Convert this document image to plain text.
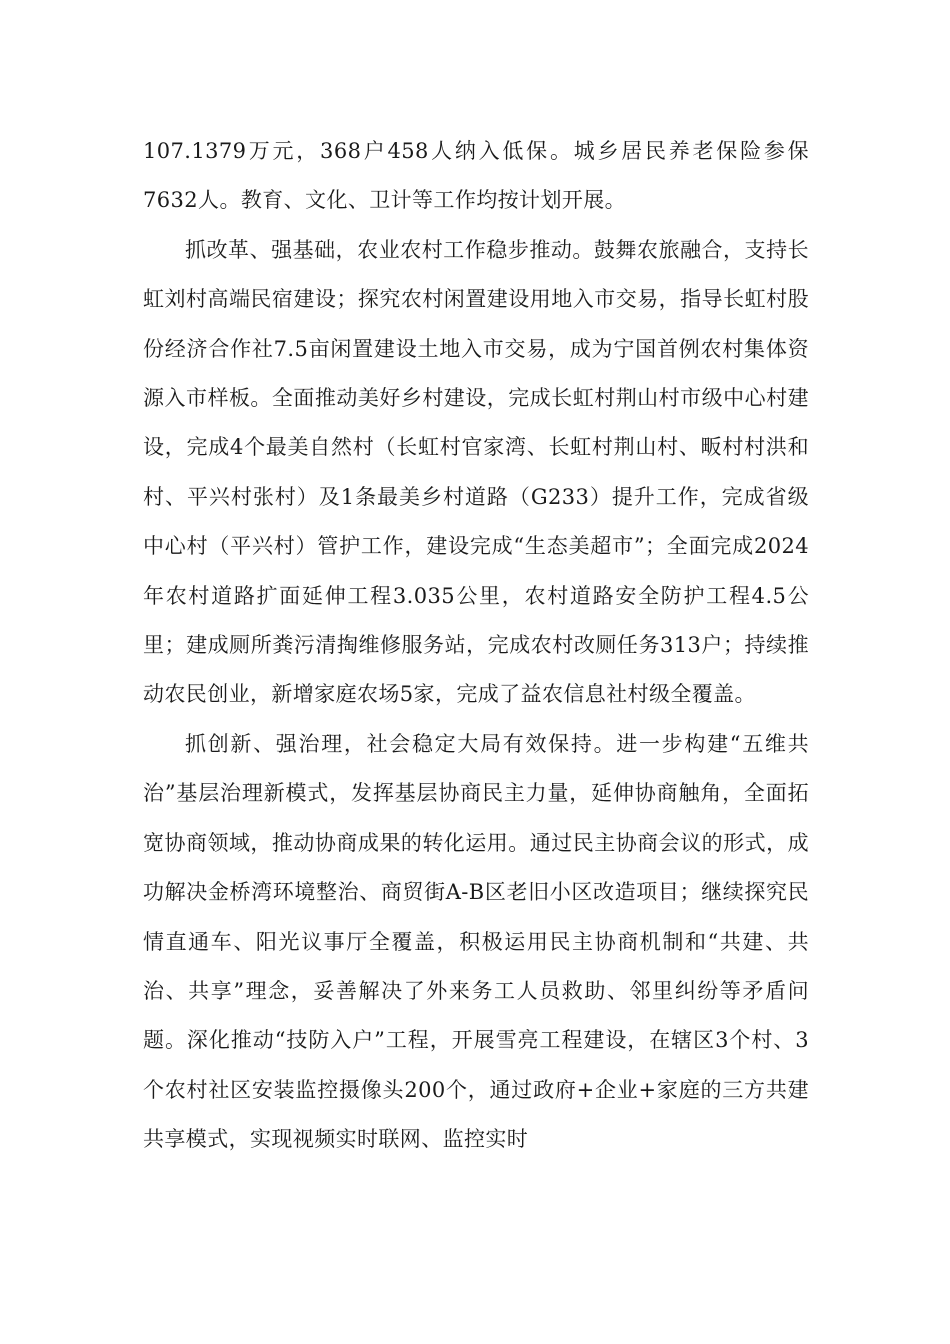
107.1379万元，368户458人纳入低保。城乡居民养老保险参保7632人。教育、文化、卫计等工作均按计划开展。

抓改革、强基础，农业农村工作稳步推动。鼓舞农旅融合，支持长虹刘村高端民宿建设；探究农村闲置建设用地入市交易，指导长虹村股份经济合作社7.5亩闲置建设土地入市交易，成为宁国首例农村集体资源入市样板。全面推动美好乡村建设，完成长虹村荆山村市级中心村建设，完成4个最美自然村（长虹村官家湾、长虹村荆山村、畈村村洪和村、平兴村张村）及1条最美乡村道路（G233）提升工作，完成省级中心村（平兴村）管护工作，建设完成“生态美超市”；全面完成2024年农村道路扩面延伸工程3.035公里，农村道路安全防护工程4.5公里；建成厕所粪污清掏维修服务站，完成农村改厕任务313户；持续推动农民创业，新增家庭农场5家，完成了益农信息社村级全覆盖。

抓创新、强治理，社会稳定大局有效保持。进一步构建“五维共治”基层治理新模式，发挥基层协商民主力量，延伸协商触角，全面拓宽协商领域，推动协商成果的转化运用。通过民主协商会议的形式，成功解决金桥湾环境整治、商贸街A-B区老旧小区改造项目；继续探究民情直通车、阳光议事厅全覆盖，积极运用民主协商机制和“共建、共治、共享”理念，妥善解决了外来务工人员救助、邻里纠纷等矛盾问题。深化推动“技防入户”工程，开展雪亮工程建设，在辖区3个村、3个农村社区安装监控摄像头200个，通过政府+企业+家庭的三方共建共享模式，实现视频实时联网、监控实时
